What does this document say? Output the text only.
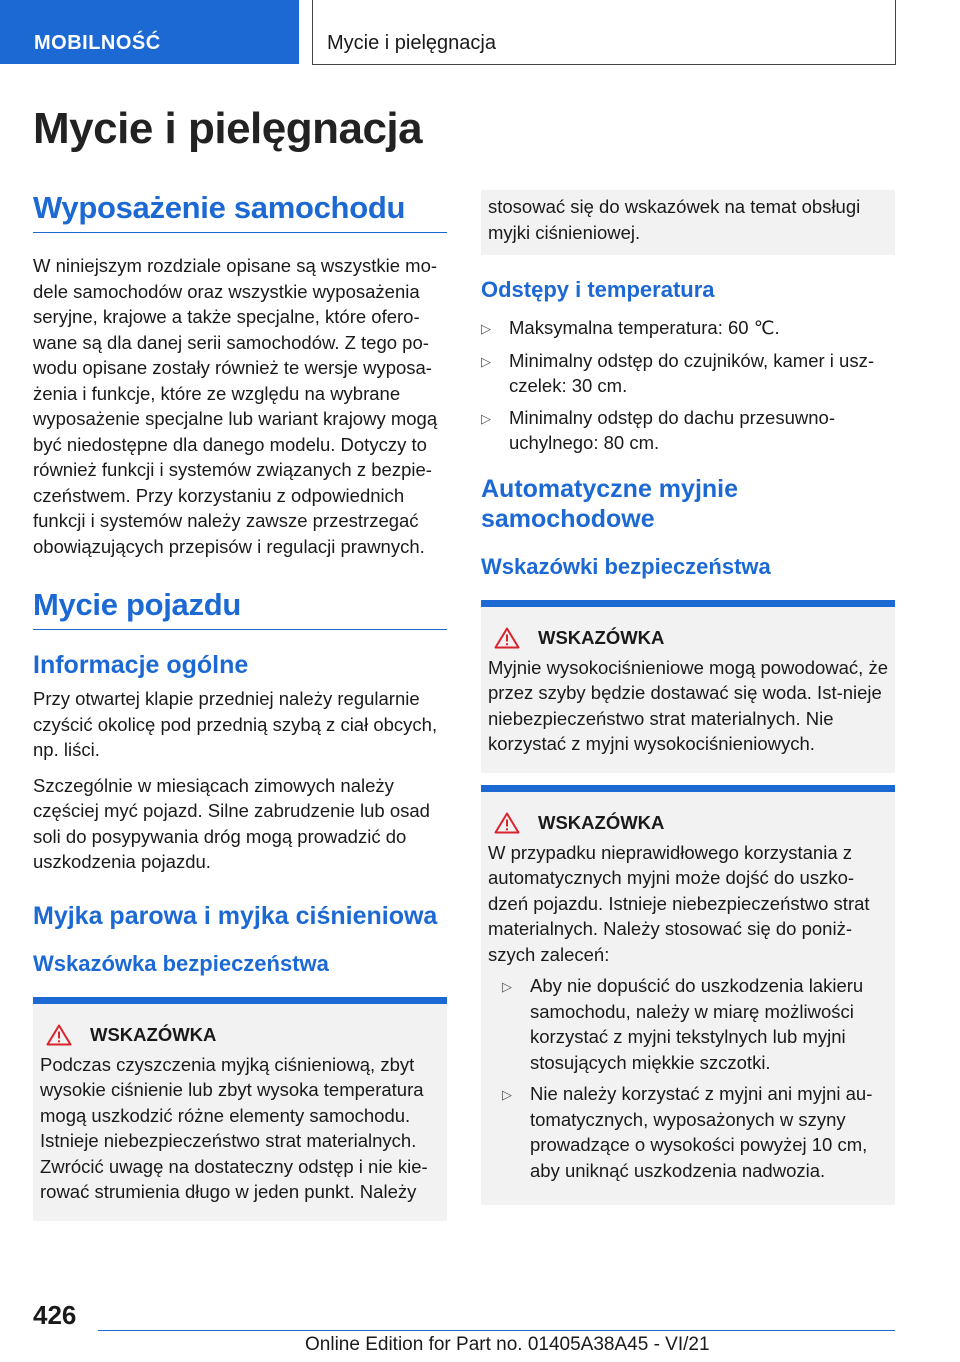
MOBILNOŚĆ	Mycie i pielęgnacja
Mycie i pielęgnacja
Wyposażenie samochodu

W niniejszym rozdziale opisane są wszystkie mo-dele samochodów oraz wszystkie wyposażenia seryjne, krajowe a także specjalne, które ofero-wane są dla danej serii samochodów. Z tego po-wodu opisane zostały również te wersje wyposa-żenia i funkcje, które ze względu na wybrane wyposażenie specjalne lub wariant krajowy mogą być niedostępne dla danego modelu. Dotyczy to również funkcji i systemów związanych z bezpie-czeństwem. Przy korzystaniu z odpowiednich funkcji i systemów należy zawsze przestrzegać obowiązujących przepisów i regulacji prawnych.

Mycie pojazdu
Informacje ogólne

Przy otwartej klapie przedniej należy regularnie czyścić okolicę pod przednią szybą z ciał obcych, np. liści.

Szczególnie w miesiącach zimowych należy częściej myć pojazd. Silne zabrudzenie lub osad soli do posypywania dróg mogą prowadzić do uszkodzenia pojazdu.

Myjka parowa i myjka ciśnieniowa
Wskazówka bezpieczeństwa
WSKAZÓWKA

Podczas czyszczenia myjką ciśnieniową, zbyt wysokie ciśnienie lub zbyt wysoka temperatura mogą uszkodzić różne elementy samochodu. Istnieje niebezpieczeństwo strat materialnych. Zwrócić uwagę na dostateczny odstęp i nie kie-rować strumienia długo w jeden punkt. Należy

stosować się do wskazówek na temat obsługi myjki ciśnieniowej.

Odstępy i temperatura
▷ Maksymalna temperatura: 60 ℃.
▷ Minimalny odstęp do czujników, kamer i usz-czelek: 30 cm.
▷ Minimalny odstęp do dachu przesuwno-uchylnego: 80 cm.
Automatyczne myjnie samochodowe
Wskazówki bezpieczeństwa
WSKAZÓWKA

Myjnie wysokociśnieniowe mogą powodować, że przez szyby będzie dostawać się woda. Ist-nieje niebezpieczeństwo strat materialnych. Nie korzystać z myjni wysokociśnieniowych.

WSKAZÓWKA

W przypadku nieprawidłowego korzystania z automatycznych myjni może dojść do uszko-dzeń pojazdu. Istnieje niebezpieczeństwo strat materialnych. Należy stosować się do poniż-szych zaleceń:

▷ Aby nie dopuścić do uszkodzenia lakieru samochodu, należy w miarę możliwości korzystać z myjni tekstylnych lub myjni stosujących miękkie szczotki.
▷ Nie należy korzystać z myjni ani myjni au-tomatycznych, wyposażonych w szyny prowadzące o wysokości powyżej 10 cm, aby uniknąć uszkodzenia nadwozia.
426
Online Edition for Part no. 01405A38A45 - VI/21
